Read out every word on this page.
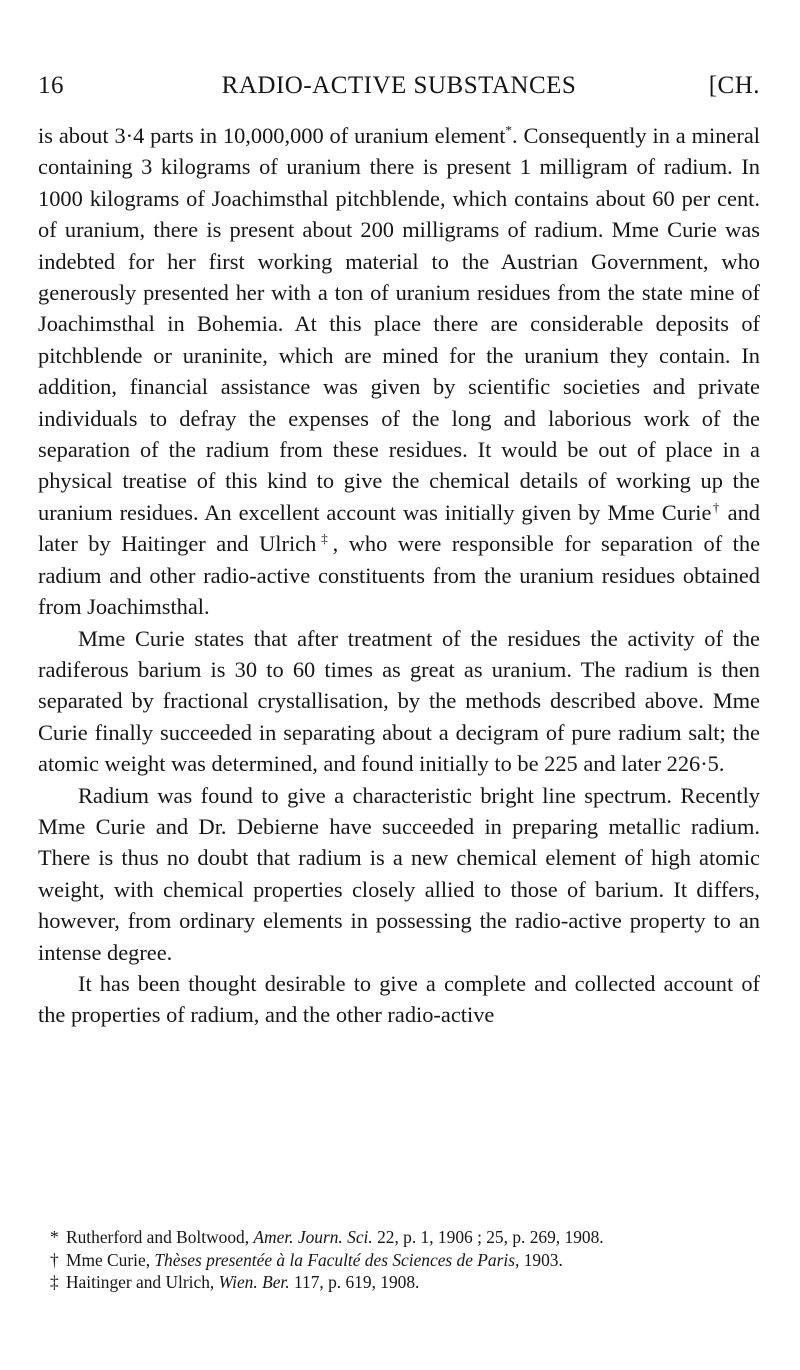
16	RADIO-ACTIVE SUBSTANCES	[CH.

is about 3·4 parts in 10,000,000 of uranium element*. Consequently in a mineral containing 3 kilograms of uranium there is present 1 milligram of radium. In 1000 kilograms of Joachimsthal pitchblende, which contains about 60 per cent. of uranium, there is present about 200 milligrams of radium. Mme Curie was indebted for her first working material to the Austrian Government, who generously presented her with a ton of uranium residues from the state mine of Joachimsthal in Bohemia. At this place there are considerable deposits of pitchblende or uraninite, which are mined for the uranium they contain. In addition, financial assistance was given by scientific societies and private individuals to defray the expenses of the long and laborious work of the separation of the radium from these residues. It would be out of place in a physical treatise of this kind to give the chemical details of working up the uranium residues. An excellent account was initially given by Mme Curie† and later by Haitinger and Ulrich‡, who were responsible for separation of the radium and other radio-active constituents from the uranium residues obtained from Joachimsthal.

Mme Curie states that after treatment of the residues the activity of the radiferous barium is 30 to 60 times as great as uranium. The radium is then separated by fractional crystallisation, by the methods described above. Mme Curie finally succeeded in separating about a decigram of pure radium salt; the atomic weight was determined, and found initially to be 225 and later 226·5.

Radium was found to give a characteristic bright line spectrum. Recently Mme Curie and Dr. Debierne have succeeded in preparing metallic radium. There is thus no doubt that radium is a new chemical element of high atomic weight, with chemical properties closely allied to those of barium. It differs, however, from ordinary elements in possessing the radio-active property to an intense degree.

It has been thought desirable to give a complete and collected account of the properties of radium, and the other radio-active

* Rutherford and Boltwood, Amer. Journ. Sci. 22, p. 1, 1906 ; 25, p. 269, 1908.

† Mme Curie, Thèses presentée à la Faculté des Sciences de Paris, 1903.

‡ Haitinger and Ulrich, Wien. Ber. 117, p. 619, 1908.
